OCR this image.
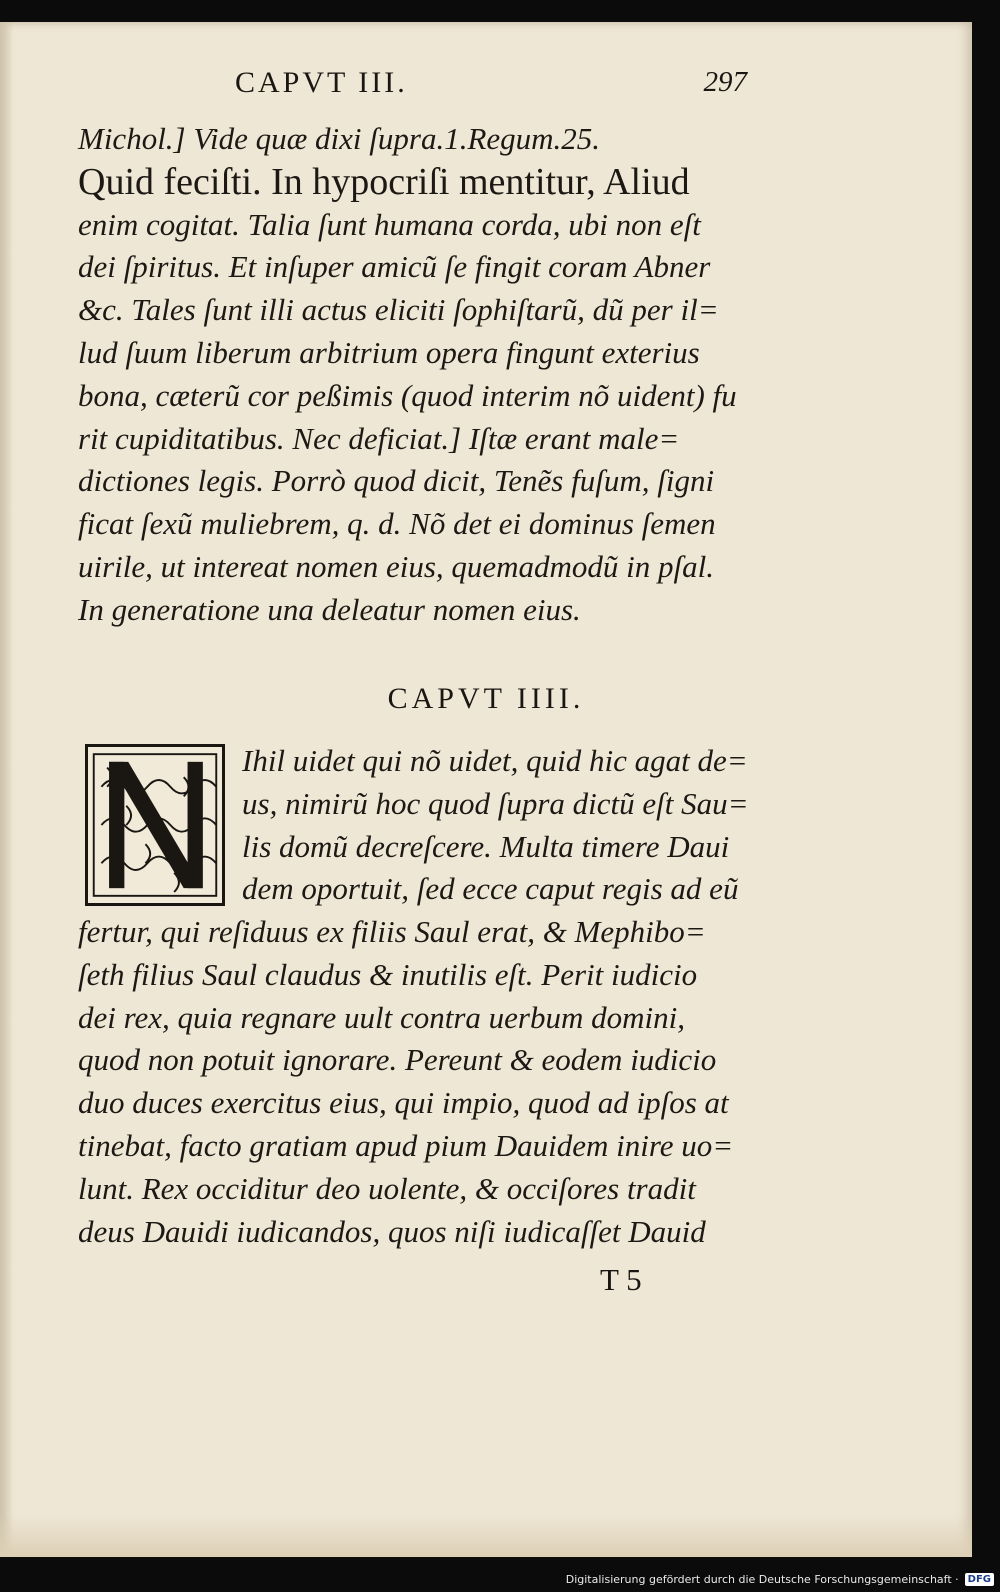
CAPVT III.	297
Michol.] Vide quæ dixi ſupra.1.Regum.25.
Quid feciſti. In hypocriſi mentitur, Aliud
enim cogitat. Talia ſunt humana corda, ubi non eſt
dei ſpiritus. Et inſuper amicũ ſe fingit coram Abner
&c. Tales ſunt illi actus eliciti ſophiſtarũ, dũ per il=
lud ſuum liberum arbitrium opera fingunt exterius
bona, cæterũ cor peßimis (quod interim nõ uident) fu
rit cupiditatibus. Nec deficiat.] Iſtæ erant male=
dictiones legis. Porrò quod dicit, Tenẽs fuſum, ſigni
ficat ſexũ muliebrem, q. d. Nõ det ei dominus ſemen
uirile, ut intereat nomen eius, quemadmodũ in pſal.
In generatione una deleatur nomen eius.
CAPVT IIII.
Ihil uidet qui nõ uidet, quid hic agat de=
us, nimirũ hoc quod ſupra dictũ eſt Sau=
lis domũ decreſcere. Multa timere Daui
dem oportuit, ſed ecce caput regis ad eũ
fertur, qui reſiduus ex filiis Saul erat, & Mephibo=
ſeth filius Saul claudus & inutilis eſt. Perit iudicio
dei rex, quia regnare uult contra uerbum domini,
quod non potuit ignorare. Pereunt & eodem iudicio
duo duces exercitus eius, qui impio, quod ad ipſos at
tinebat, facto gratiam apud pium Dauidem inire uo=
lunt. Rex occiditur deo uolente, & occiſores tradit
deus Dauidi iudicandos, quos niſi iudicaſſet Dauid
T 5
Digitalisierung gefördert durch die Deutsche Forschungsgemeinschaft · DFG
